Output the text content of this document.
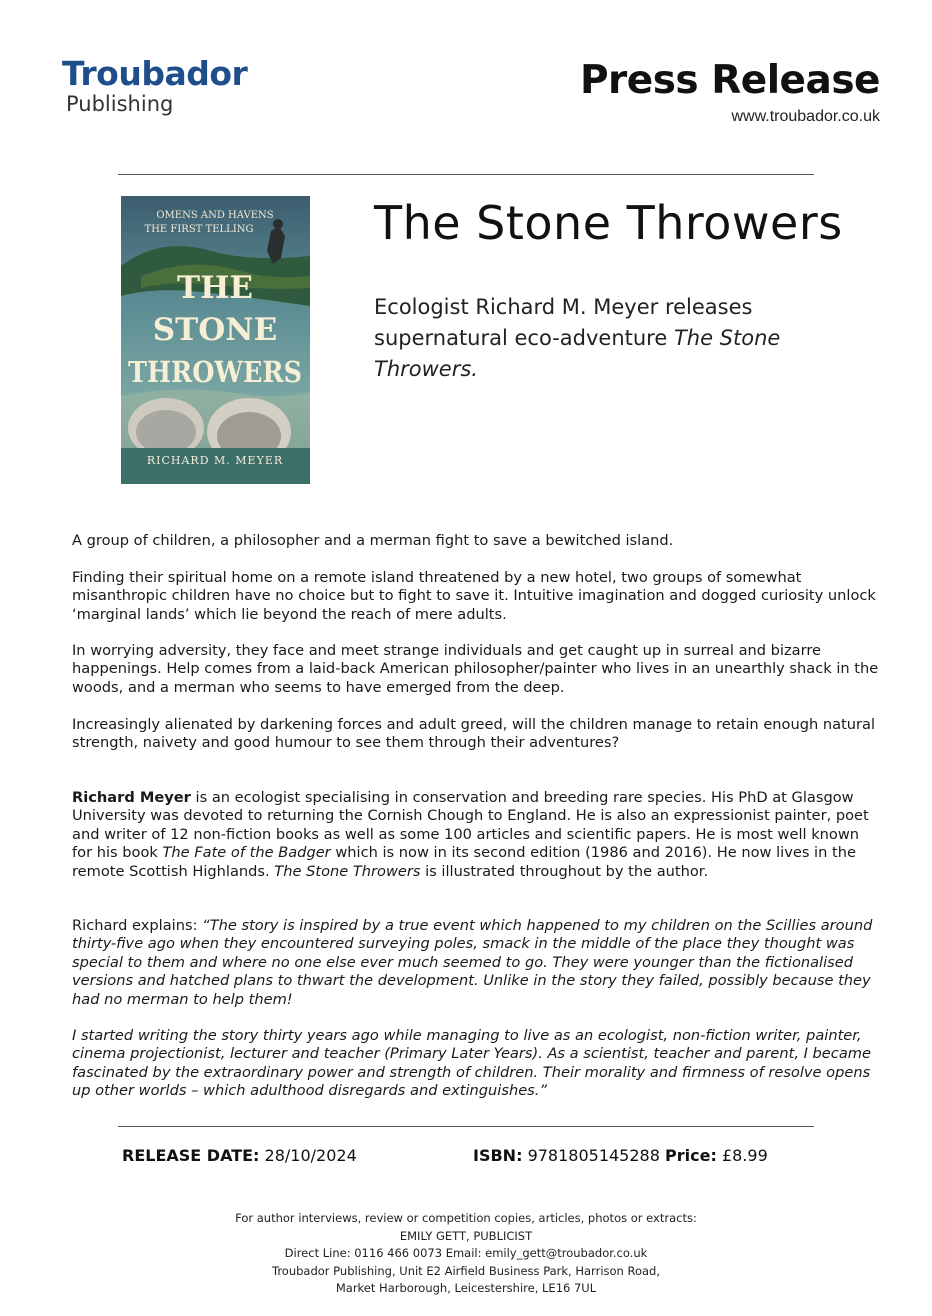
Troubador
Publishing
Press Release
www.troubador.co.uk
OMENS AND HAVENS
THE FIRST TELLING
THE
STONE
THROWERS
RICHARD M. MEYER
The Stone Throwers
Ecologist Richard M. Meyer releases supernatural eco-adventure The Stone Throwers.

A group of children, a philosopher and a merman fight to save a bewitched island.

Finding their spiritual home on a remote island threatened by a new hotel, two groups of somewhat misanthropic children have no choice but to fight to save it. Intuitive imagination and dogged curiosity unlock ‘marginal lands’ which lie beyond the reach of mere adults.

In worrying adversity, they face and meet strange individuals and get caught up in surreal and bizarre happenings. Help comes from a laid-back American philosopher/painter who lives in an unearthly shack in the woods, and a merman who seems to have emerged from the deep.

Increasingly alienated by darkening forces and adult greed, will the children manage to retain enough natural strength, naivety and good humour to see them through their adventures?

Richard Meyer is an ecologist specialising in conservation and breeding rare species. His PhD at Glasgow University was devoted to returning the Cornish Chough to England. He is also an expressionist painter, poet and writer of 12 non-fiction books as well as some 100 articles and scientific papers. He is most well known for his book The Fate of the Badger which is now in its second edition (1986 and 2016). He now lives in the remote Scottish Highlands. The Stone Throwers is illustrated throughout by the author.

Richard explains: “The story is inspired by a true event which happened to my children on the Scillies around thirty-five ago when they encountered surveying poles, smack in the middle of the place they thought was special to them and where no one else ever much seemed to go. They were younger than the fictionalised versions and hatched plans to thwart the development. Unlike in the story they failed, possibly because they had no merman to help them!

I started writing the story thirty years ago while managing to live as an ecologist, non-fiction writer, painter, cinema projectionist, lecturer and teacher (Primary Later Years). As a scientist, teacher and parent, I became fascinated by the extraordinary power and strength of children. Their morality and firmness of resolve opens up other worlds – which adulthood disregards and extinguishes.”

RELEASE DATE: 28/10/2024	ISBN: 9781805145288 Price: £8.99
For author interviews, review or competition copies, articles, photos or extracts:
EMILY GETT, PUBLICIST
Direct Line: 0116 466 0073 Email: emily_gett@troubador.co.uk
Troubador Publishing, Unit E2 Airfield Business Park, Harrison Road,
Market Harborough, Leicestershire, LE16 7UL
